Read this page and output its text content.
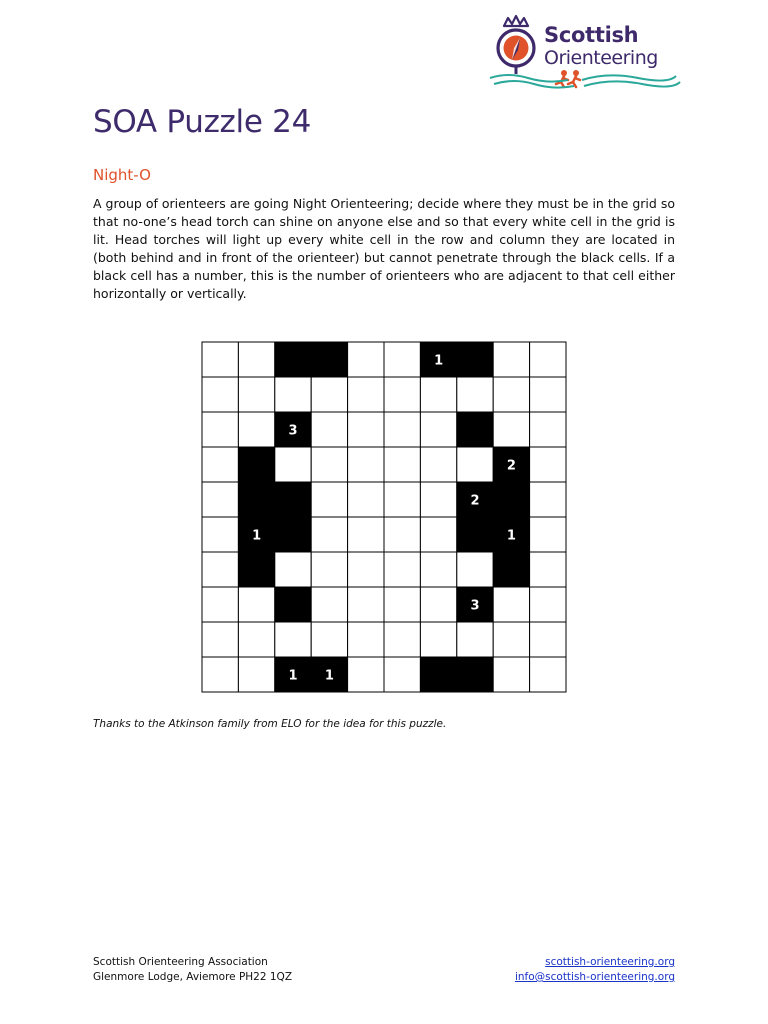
Scottish
Orienteering
SOA Puzzle 24
Night-O

A group of orienteers are going Night Orienteering; decide where they must be in the grid so that no-one’s head torch can shine on anyone else and so that every white cell in the grid is lit. Head torches will light up every white cell in the row and column they are located in (both behind and in front of the orienteer) but cannot penetrate through the black cells. If a black cell has a number, this is the number of orienteers who are adjacent to that cell either horizontally or vertically.

1
3
2
2
1	1
3
1 1

Thanks to the Atkinson family from ELO for the idea for this puzzle.

Scottish Orienteering Association
Glenmore Lodge, Aviemore PH22 1QZ
scottish-orienteering.org
info@scottish-orienteering.org
